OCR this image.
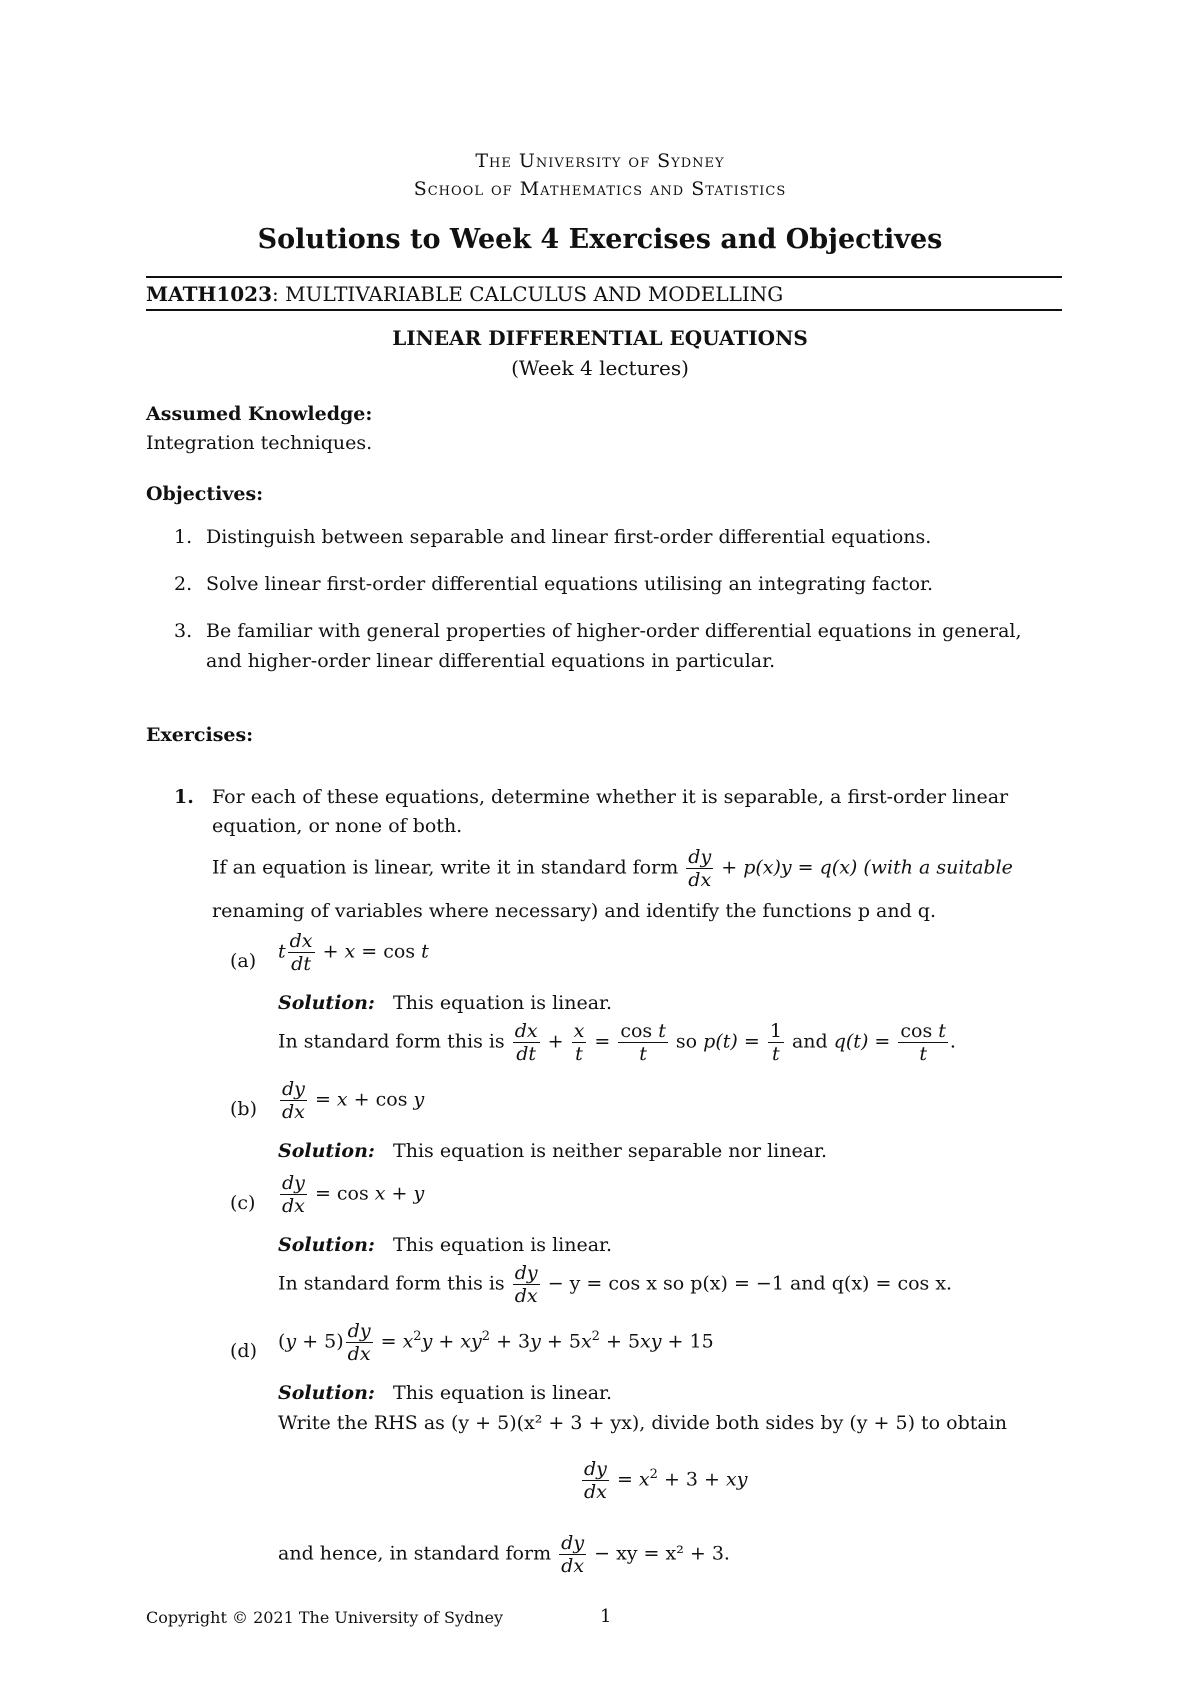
The University of Sydney
School of Mathematics and Statistics
Solutions to Week 4 Exercises and Objectives
MATH1023: MULTIVARIABLE CALCULUS AND MODELLING
LINEAR DIFFERENTIAL EQUATIONS
(Week 4 lectures)
Assumed Knowledge:
Integration techniques.
Objectives:
1. Distinguish between separable and linear first-order differential equations.
2. Solve linear first-order differential equations utilising an integrating factor.
3. Be familiar with general properties of higher-order differential equations in general,
and higher-order linear differential equations in particular.
Exercises:
1. For each of these equations, determine whether it is separable, a first-order linear
equation, or none of both.
If an equation is linear, write it in standard form $\frac{dy}{dx} + p(x)y = q(x)$ (with a suitable
renaming of variables where necessary) and identify the functions p and q.
(a) t $\frac{dx}{dt} + x = \cos t$
Solution: This equation is linear.
In standard form this is $\frac{dx}{dt} + \frac{x}{t} = \frac{\text{cos t}}{t}$ so $p(t) = \frac{1}{t}$ and $q(t) = \frac{\text{cos t}}{t}$ .
$(b) \frac{dy}{dx} = x + \cos y$
Solution: This equation is neither separable nor linear.
$(c) \frac{dy}{dx} = \cos x + y$
Solution: This equation is linear.
In standard form this is $\frac{dy}{dx} - y = \cos x$ so p(x) = −1 and q(x) = cos x.
(d) $(y + 5) \frac{dy}{dx} = x^2y + xy^2 + 3y + 5x^2 + 5xy + 15$
Solution: This equation is linear.
Write the RHS as (y + 5)(x² + 3 + yx), divide both sides by (y + 5) to obtain
$\frac{dy}{dx} = x^2 + 3$ + xy
and hence, in standard form $\frac{dy}{dx}$ − xy = x² + 3.
Copyright © 2021 The University of Sydney	1
